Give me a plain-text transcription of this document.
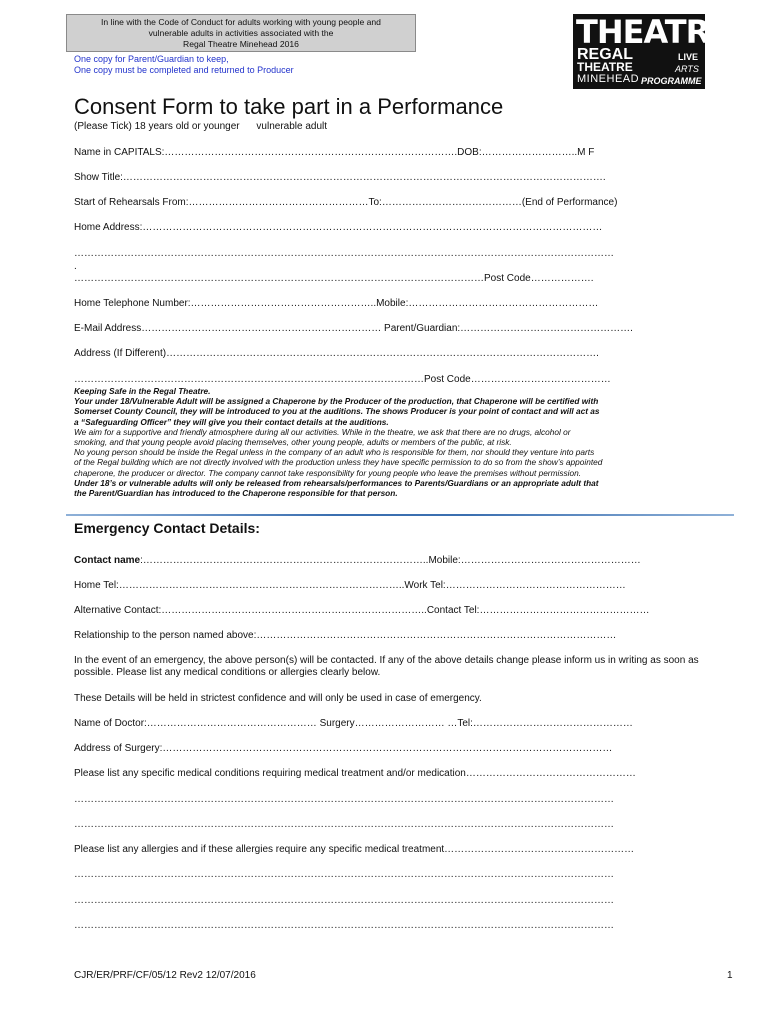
In line with the Code of Conduct for adults working with young people and
vulnerable adults in activities associated with the
Regal Theatre Minehead 2016
One copy for Parent/Guardian to keep,
One copy must be completed and returned to Producer
THEATRE
REGAL
THEATRE
MINEHEAD
LIVE
ARTS
PROGRAMME
Consent Form to take part in a Performance
(Please Tick) 18 years old or younger vulnerable adult
Name in CAPITALS:…………………………………………………………………………….DOB:………………………..M F
Show Title:……………………………………………………………………………………………………………………………….
Start of Rehearsals From:………………………………………………To:……………………………………(End of Performance)
Home Address:…………………………………………………………………………………………………………………………
………………………………………………………………………………………………………………………………………………
.
……………………………………………………………………………………………………………Post Code……………….
Home Telephone Number:………………………………………………..Mobile:…………………………………………………
E-Mail Address……………………………………………………………… Parent/Guardian:…………………………………………….
Address (If Different)………………………………………………………………………………………………………………….
……………………………………………………………………………………………Post Code……………………………………
Keeping Safe in the Regal Theatre.
Your under 18/Vulnerable Adult will be assigned a Chaperone by the Producer of the production, that Chaperone will be certified with
Somerset County Council, they will be introduced to you at the auditions. The shows Producer is your point of contact and will act as
a “Safeguarding Officer” they will give you their contact details at the auditions.
We aim for a supportive and friendly atmosphere during all our activities. While in the theatre, we ask that there are no drugs, alcohol or
smoking, and that young people avoid placing themselves, other young people, adults or members of the public, at risk.
No young person should be inside the Regal unless in the company of an adult who is responsible for them, nor should they venture into parts
of the Regal building which are not directly involved with the production unless they have specific permission to do so from the show’s appointed
chaperone, the producer or director. The company cannot take responsibility for young people who leave the premises without permission.
Under 18’s or vulnerable adults will only be released from rehearsals/performances to Parents/Guardians or an appropriate adult that
the Parent/Guardian has introduced to the Chaperone responsible for that person.
Emergency Contact Details:
Contact name:…………………………………………………………………………..Mobile:………………………………………………
Home Tel:…………………………………………………………………………..Work Tel:………………………………………………
Alternative Contact:……………………………………………………………………..Contact Tel:……………………………………………
Relationship to the person named above:………………………………………………………………………………………………
In the event of an emergency, the above person(s) will be contacted. If any of the above details change please inform us in writing as soon as possible. Please list any medical conditions or allergies clearly below.
These Details will be held in strictest confidence and will only be used in case of emergency.
Name of Doctor:…………………………………………… Surgery……………………… …Tel:…………………………………………
Address of Surgery:………………………………………………………………………………………………………………………
Please list any specific medical conditions requiring medical treatment and/or medication……………………………………………
………………………………………………………………………………………………………………………………………………
………………………………………………………………………………………………………………………………………………
Please list any allergies and if these allergies require any specific medical treatment…………………………………………………
………………………………………………………………………………………………………………………………………………
………………………………………………………………………………………………………………………………………………
………………………………………………………………………………………………………………………………………………
CJR/ER/PRF/CF/05/12 Rev2 12/07/2016	1
